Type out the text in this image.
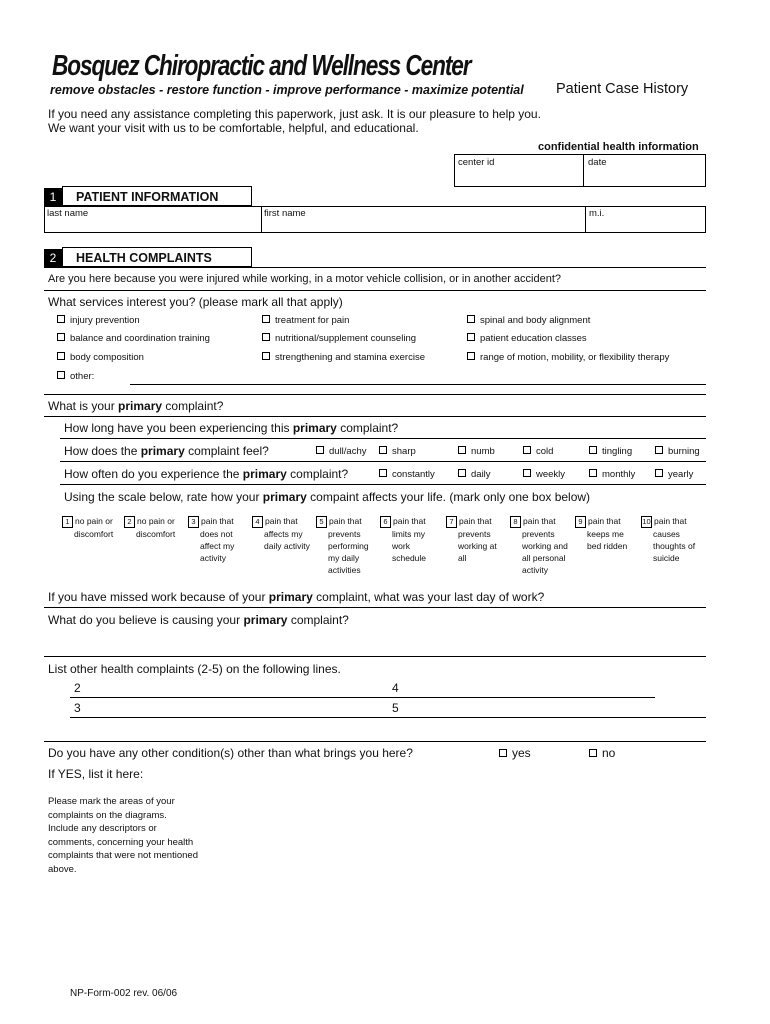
Bosquez Chiropractic and Wellness Center
remove obstacles - restore function - improve performance - maximize potential Patient Case History
If you need any assistance completing this paperwork, just ask. It is our pleasure to help you.
We want your visit with us to be comfortable, helpful, and educational.
confidential health information
center id	date
1	PATIENT INFORMATION
last name	first name	m.i.
2	HEALTH COMPLAINTS
Are you here because you were injured while working, in a motor vehicle collision, or in another accident?
What services interest you? (please mark all that apply)
injury prevention	treatment for pain	spinal and body alignment
balance and coordination training	nutritional/supplement counseling	patient education classes
body composition	strengthening and stamina exercise	range of motion, mobility, or flexibility therapy
other:
What is your primary complaint?
How long have you been experiencing this primary complaint?
How does the primary complaint feel?	dull/achy	sharp	numb	cold	tingling	burning
How often do you experience the primary complaint?	constantly	daily	weekly	monthly	yearly
Using the scale below, rate how your primary compaint affects your life. (mark only one box below)
1 no pain or
discomfort
2 no pain or
discomfort
3 pain that
does not
affect my
activity
4 pain that
affects my
daily activity
5 pain that
prevents
performing
my daily
activities
6 pain that
limits my
work
schedule
7 pain that
prevents
working at
all
8 pain that
prevents
working and
all personal
activity
9 pain that
keeps me
bed ridden
10 pain that
causes
thoughts of
suicide
If you have missed work because of your primary complaint, what was your last day of work?
What do you believe is causing your primary complaint?
List other health complaints (2-5) on the following lines.
2	4
3	5
Do you have any other condition(s) other than what brings you here?	yes	no
If YES, list it here:
Please mark the areas of your complaints on the diagrams. Include any descriptors or comments, concerning your health complaints that were not mentioned above.
NP-Form-002 rev. 06/06
